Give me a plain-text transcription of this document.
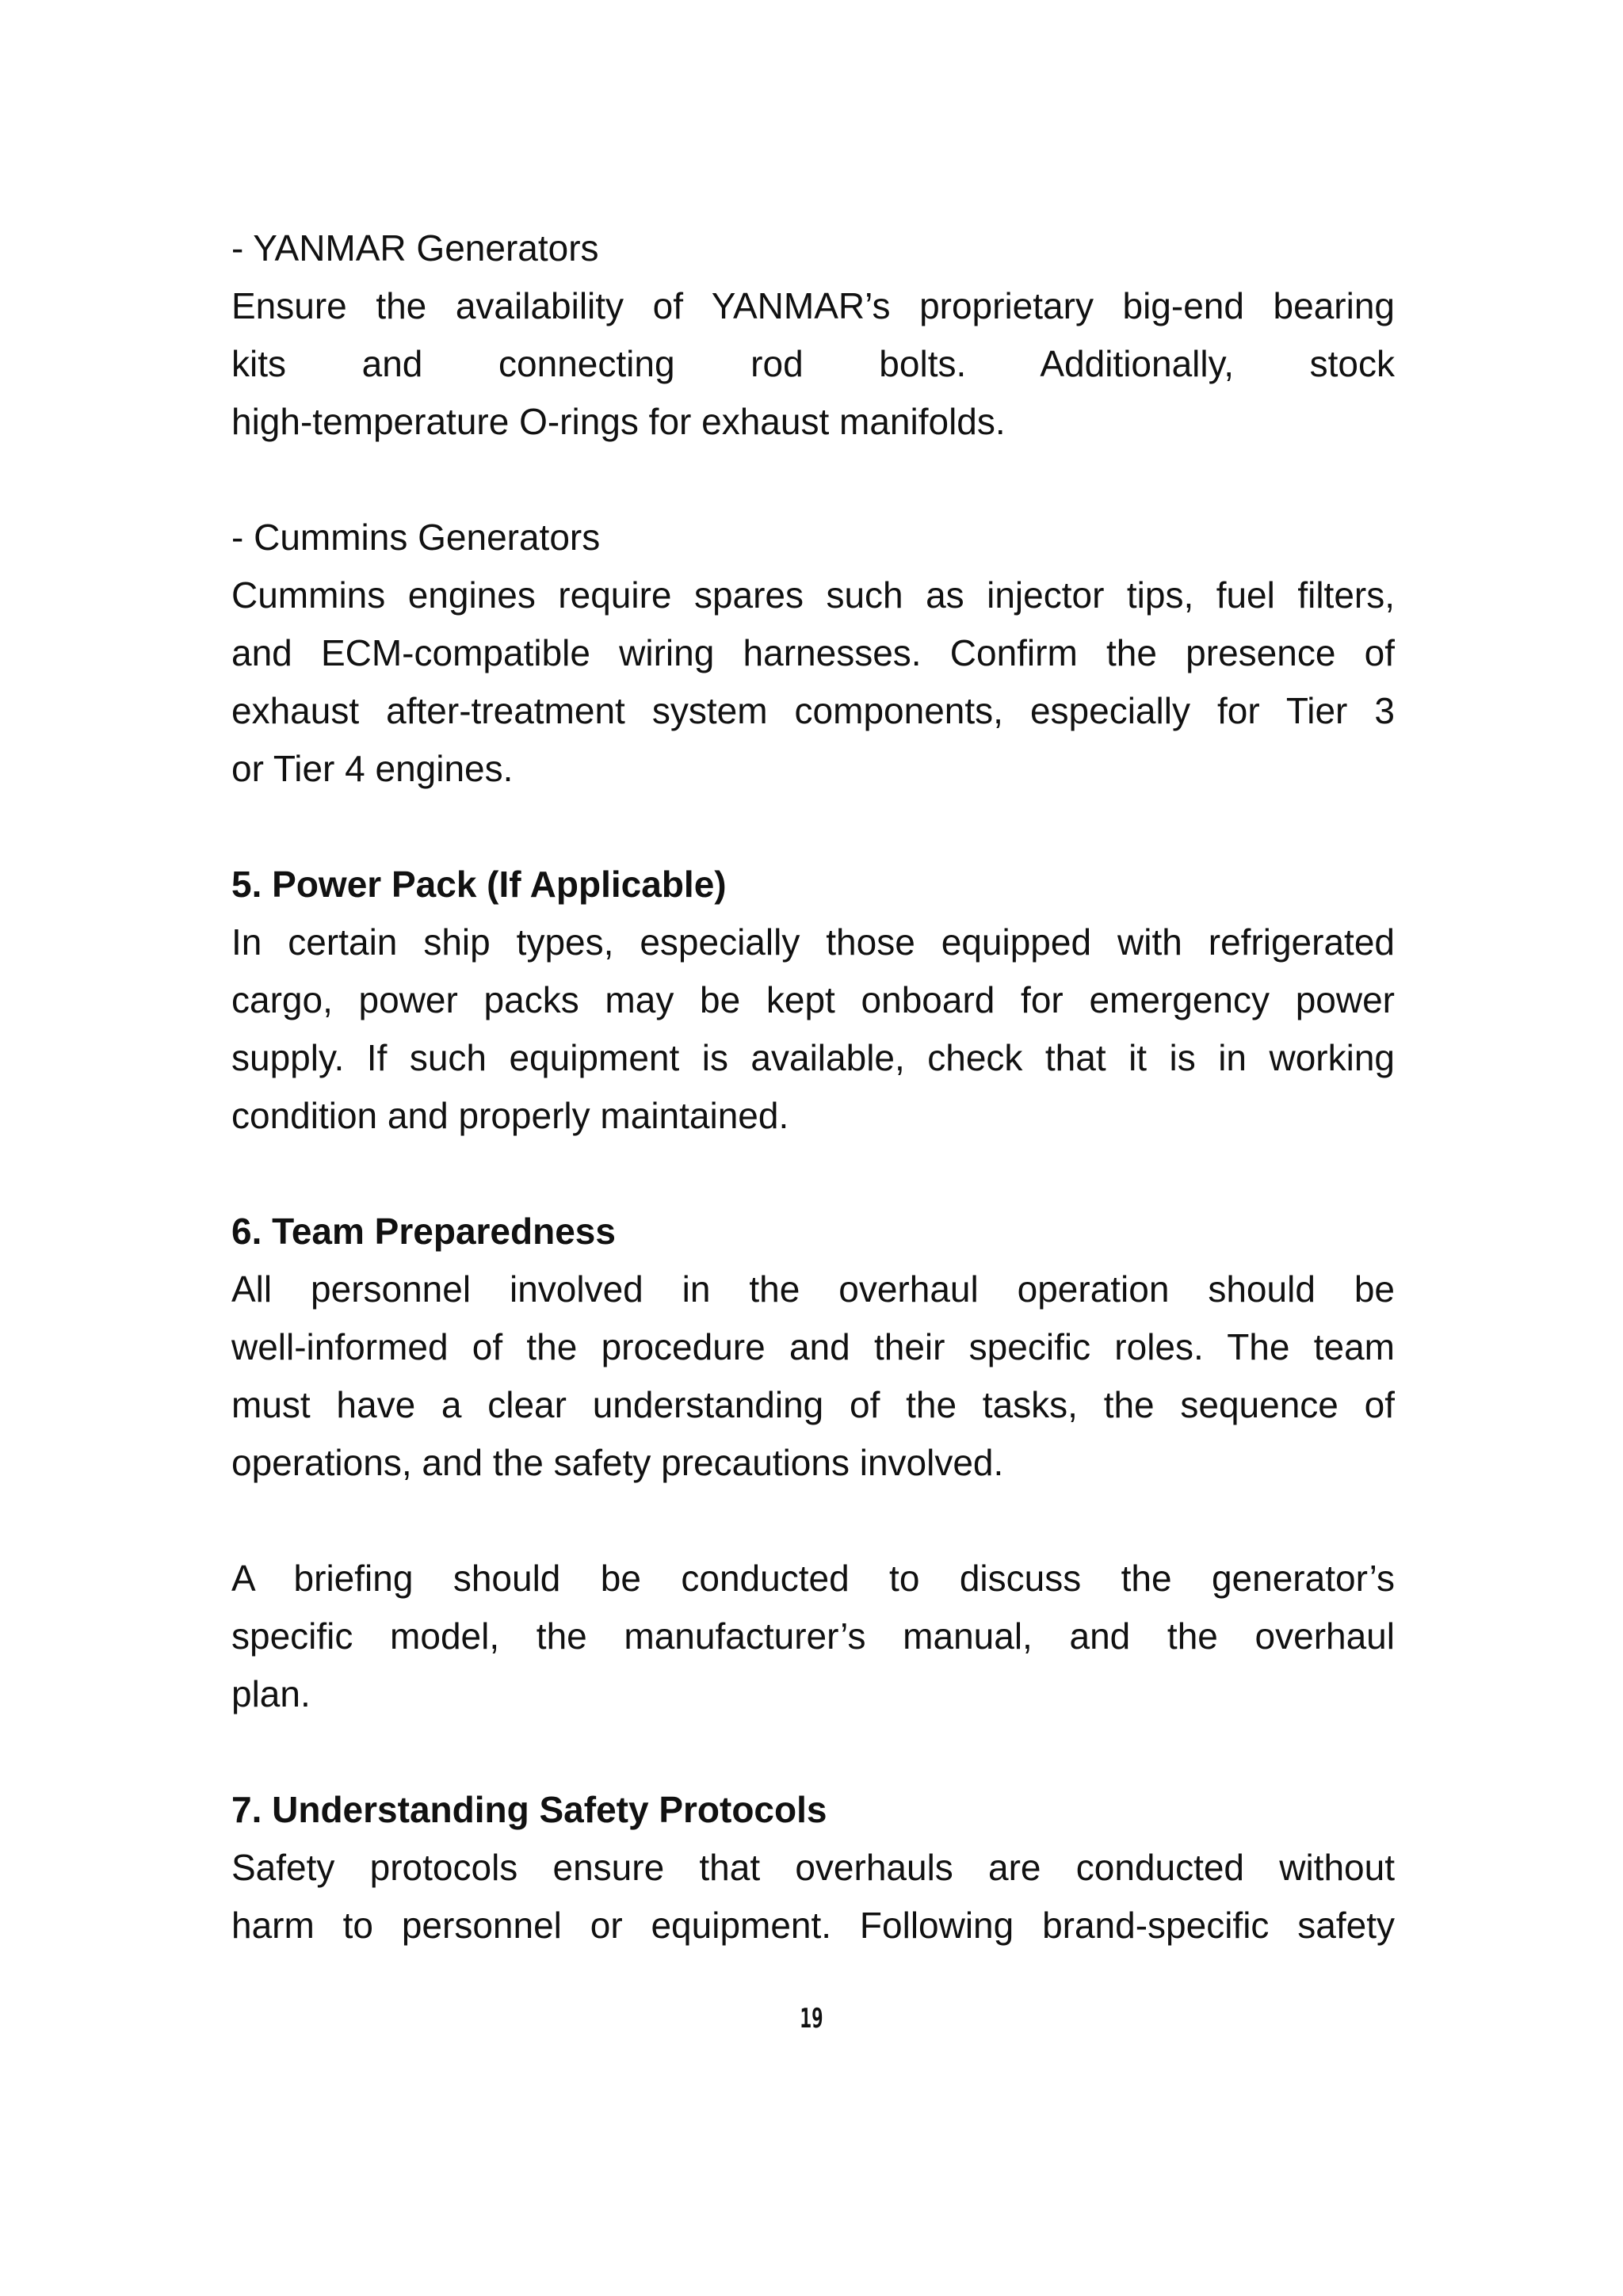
- YANMAR Generators
Ensure the availability of YANMAR’s proprietary big-end bearing
kits and connecting rod bolts. Additionally, stock
high-temperature O-rings for exhaust manifolds.
- Cummins Generators
Cummins engines require spares such as injector tips, fuel filters,
and ECM-compatible wiring harnesses. Confirm the presence of
exhaust after-treatment system components, especially for Tier 3
or Tier 4 engines.
5. Power Pack (If Applicable)
In certain ship types, especially those equipped with refrigerated
cargo, power packs may be kept onboard for emergency power
supply. If such equipment is available, check that it is in working
condition and properly maintained.
6. Team Preparedness
All personnel involved in the overhaul operation should be
well-informed of the procedure and their specific roles. The team
must have a clear understanding of the tasks, the sequence of
operations, and the safety precautions involved.
A briefing should be conducted to discuss the generator’s
specific model, the manufacturer’s manual, and the overhaul
plan.
7. Understanding Safety Protocols
Safety protocols ensure that overhauls are conducted without
harm to personnel or equipment. Following brand-specific safety
19
